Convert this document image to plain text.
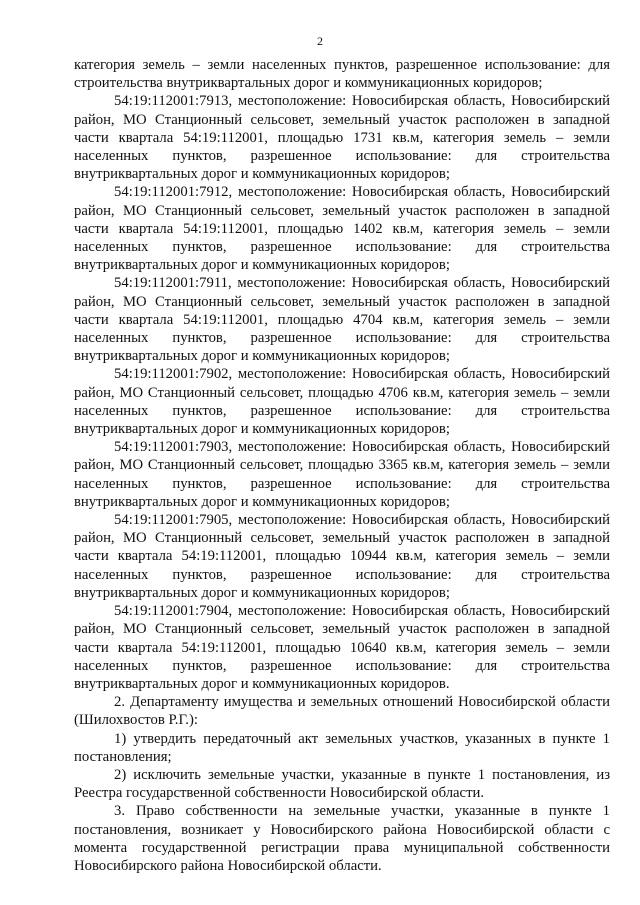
2

категория земель – земли населенных пунктов, разрешенное использование: для строительства внутриквартальных дорог и коммуникационных коридоров;

54:19:112001:7913, местоположение: Новосибирская область, Новосибирский район, МО Станционный сельсовет, земельный участок расположен в западной части квартала 54:19:112001, площадью 1731 кв.м, категория земель – земли населенных пунктов, разрешенное использование: для строительства внутриквартальных дорог и коммуникационных коридоров;

54:19:112001:7912, местоположение: Новосибирская область, Новосибирский район, МО Станционный сельсовет, земельный участок расположен в западной части квартала 54:19:112001, площадью 1402 кв.м, категория земель – земли населенных пунктов, разрешенное использование: для строительства внутриквартальных дорог и коммуникационных коридоров;

54:19:112001:7911, местоположение: Новосибирская область, Новосибирский район, МО Станционный сельсовет, земельный участок расположен в западной части квартала 54:19:112001, площадью 4704 кв.м, категория земель – земли населенных пунктов, разрешенное использование: для строительства внутриквартальных дорог и коммуникационных коридоров;

54:19:112001:7902, местоположение: Новосибирская область, Новосибирский район, МО Станционный сельсовет, площадью 4706 кв.м, категория земель – земли населенных пунктов, разрешенное использование: для строительства внутриквартальных дорог и коммуникационных коридоров;

54:19:112001:7903, местоположение: Новосибирская область, Новосибирский район, МО Станционный сельсовет, площадью 3365 кв.м, категория земель – земли населенных пунктов, разрешенное использование: для строительства внутриквартальных дорог и коммуникационных коридоров;

54:19:112001:7905, местоположение: Новосибирская область, Новосибирский район, МО Станционный сельсовет, земельный участок расположен в западной части квартала 54:19:112001, площадью 10944 кв.м, категория земель – земли населенных пунктов, разрешенное использование: для строительства внутриквартальных дорог и коммуникационных коридоров;

54:19:112001:7904, местоположение: Новосибирская область, Новосибирский район, МО Станционный сельсовет, земельный участок расположен в западной части квартала 54:19:112001, площадью 10640 кв.м, категория земель – земли населенных пунктов, разрешенное использование: для строительства внутриквартальных дорог и коммуникационных коридоров.

2. Департаменту имущества и земельных отношений Новосибирской области (Шилохвостов Р.Г.):

1) утвердить передаточный акт земельных участков, указанных в пункте 1 постановления;

2) исключить земельные участки, указанные в пункте 1 постановления, из Реестра государственной собственности Новосибирской области.

3. Право собственности на земельные участки, указанные в пункте 1 постановления, возникает у Новосибирского района Новосибирской области с момента государственной регистрации права муниципальной собственности Новосибирского района Новосибирской области.
